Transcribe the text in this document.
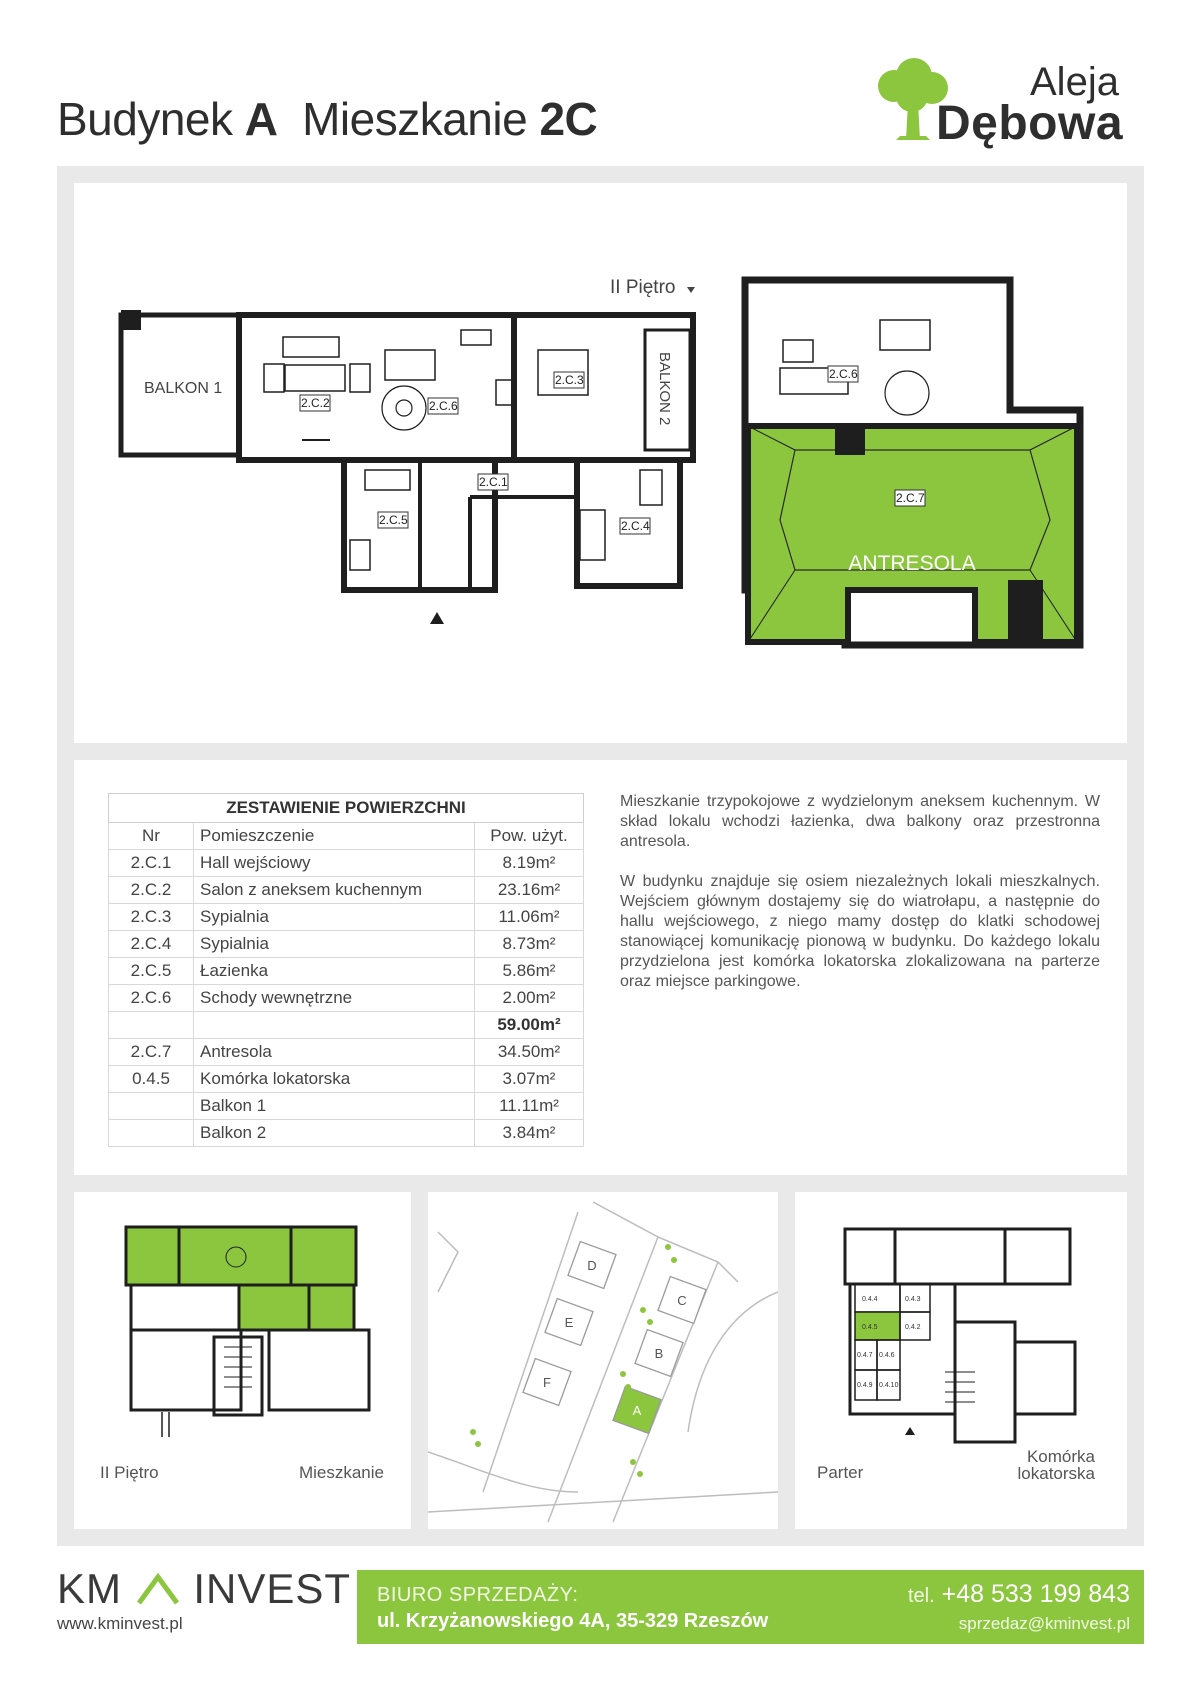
Budynek A Mieszkanie 2C
Aleja
Dębowa
II Piętro
BALKON 1	BALKON 2
2.C.2	2.C.6
2.C.3
2.C.1
2.C.5	2.C.4
2.C.6
2.C.7
ANTRESOLA
ZESTAWIENIE POWIERZCHNI		
Nr	Pomieszczenie	Pow. użyt.
2.C.1	Hall wejściowy	8.19m²
2.C.2	Salon z aneksem kuchennym	23.16m²
2.C.3	Sypialnia	11.06m²
2.C.4	Sypialnia	8.73m²
2.C.5	Łazienka	5.86m²
2.C.6	Schody wewnętrzne	2.00m²
		59.00m²
2.C.7	Antresola	34.50m²
0.4.5	Komórka lokatorska	3.07m²
	Balkon 1	11.11m²
	Balkon 2	3.84m²

Mieszkanie trzypokojowe z wydzielonym aneksem kuchennym. W skład lokalu wchodzi łazienka, dwa balkony oraz przestronna antresola.

W budynku znajduje się osiem niezależnych lokali mieszkalnych. Wejściem głównym dostajemy się do wiatrołapu, a następnie do hallu wejściowego, z niego mamy dostęp do klatki schodowej stanowiącej komunikację pionową w budynku. Do każdego lokalu przydzielona jest komórka lokatorska zlokalizowana na parterze oraz miejsce parkingowe.

II Piętro	Mieszkanie
D
C
E
B
F
A
0.4.4	0.4.3
0.4.5	0.4.2
0.4.7 0.4.6
0.4.9 0.4.10
Parter
Komórka
lokatorska
KM INVEST
www.kminvest.pl
BIURO SPRZEDAŻY:
ul. Krzyżanowskiego 4A, 35-329 Rzeszów
tel. +48 533 199 843
sprzedaz@kminvest.pl
